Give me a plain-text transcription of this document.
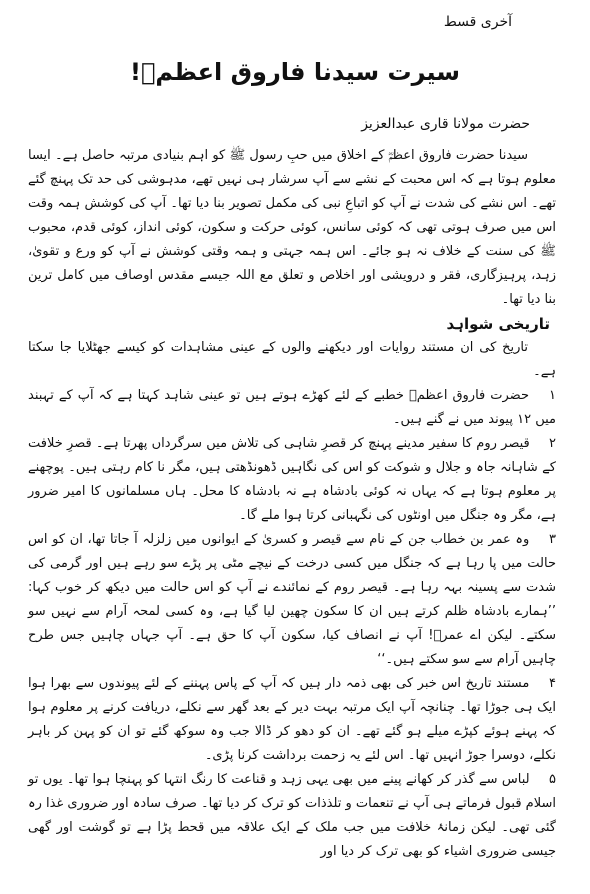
آخری قسط

سیرت سیدنا فاروق اعظمؓ!

حضرت مولانا قاری عبدالعزیز

سیدنا حضرت فاروق اعظمؓ کے اخلاق میں حبِ رسول ﷺ کو اہم بنیادی مرتبہ حاصل ہے۔ ایسا معلوم ہوتا ہے کہ اس محبت کے نشے سے آپ سرشار ہی نہیں تھے، مدہوشی کی حد تک پہنچ گئے تھے۔ اس نشے کی شدت نے آپ کو اتباعِ نبی کی مکمل تصویر بنا دیا تھا۔ آپ کی کوشش ہمہ وقت اس میں صرف ہوتی تھی کہ کوئی سانس، کوئی حرکت و سکون، کوئی انداز، کوئی قدم، محبوب ﷺ کی سنت کے خلاف نہ ہو جائے۔ اس ہمہ جہتی و ہمہ وقتی کوشش نے آپ کو ورع و تقویٰ، زہد، پرہیزگاری، فقر و درویشی اور اخلاص و تعلق مع اللہ جیسے مقدس اوصاف میں کامل ترین بنا دیا تھا۔

تاریخی شواہد

تاریخ کی ان مستند روایات اور دیکھنے والوں کے عینی مشاہدات کو کیسے جھٹلایا جا سکتا ہے۔

۱ حضرت فاروق اعظمؓ خطبے کے لئے کھڑے ہوتے ہیں تو عینی شاہد کہتا ہے کہ آپ کے تہبند میں ۱۲ پیوند میں نے گنے ہیں۔

۲ قیصر روم کا سفیر مدینے پہنچ کر قصرِ شاہی کی تلاش میں سرگرداں پھرتا ہے۔ قصرِ خلافت کے شاہانہ جاہ و جلال و شوکت کو اس کی نگاہیں ڈھونڈھتی ہیں، مگر نا کام رہتی ہیں۔ پوچھنے پر معلوم ہوتا ہے کہ یہاں نہ کوئی بادشاہ ہے نہ بادشاہ کا محل۔ ہاں مسلمانوں کا امیر ضرور ہے، مگر وہ جنگل میں اونٹوں کی نگہبانی کرتا ہوا ملے گا۔

۳ وہ عمر بن خطاب جن کے نام سے قیصر و کسریٰ کے ایوانوں میں زلزلہ آ جاتا تھا، ان کو اس حالت میں پا رہا ہے کہ جنگل میں کسی درخت کے نیچے مٹی پر پڑے سو رہے ہیں اور گرمی کی شدت سے پسینہ بہہ رہا ہے۔ قیصر روم کے نمائندے نے آپ کو اس حالت میں دیکھ کر خوب کہا: ’’ہمارے بادشاہ ظلم کرتے ہیں ان کا سکون چھین لیا گیا ہے، وہ کسی لمحہ آرام سے نہیں سو سکتے۔ لیکن اے عمرؓ! آپ نے انصاف کیا، سکون آپ کا حق ہے۔ آپ جہاں چاہیں جس طرح چاہیں آرام سے سو سکتے ہیں۔‘‘

۴ مستند تاریخ اس خبر کی بھی ذمہ دار ہیں کہ آپ کے پاس پہننے کے لئے پیوندوں سے بھرا ہوا ایک ہی جوڑا تھا۔ چنانچہ آپ ایک مرتبہ بہت دیر کے بعد گھر سے نکلے، دریافت کرنے پر معلوم ہوا کہ پہنے ہوئے کپڑے میلے ہو گئے تھے۔ ان کو دھو کر ڈالا جب وہ سوکھ گئے تو ان کو پہن کر باہر نکلے، دوسرا جوڑ انہیں تھا۔ اس لئے یہ زحمت برداشت کرنا پڑی۔

۵ لباس سے گذر کر کھانے پینے میں بھی یہی زہد و قناعت کا رنگ انتہا کو پہنچا ہوا تھا۔ یوں تو اسلام قبول فرماتے ہی آپ نے تنعمات و تلذذات کو ترک کر دیا تھا۔ صرف سادہ اور ضروری غذا رہ گئی تھی۔ لیکن زمانۂ خلافت میں جب ملک کے ایک علاقہ میں قحط پڑا ہے تو گوشت اور گھی جیسی ضروری اشیاء کو بھی ترک کر دیا اور
